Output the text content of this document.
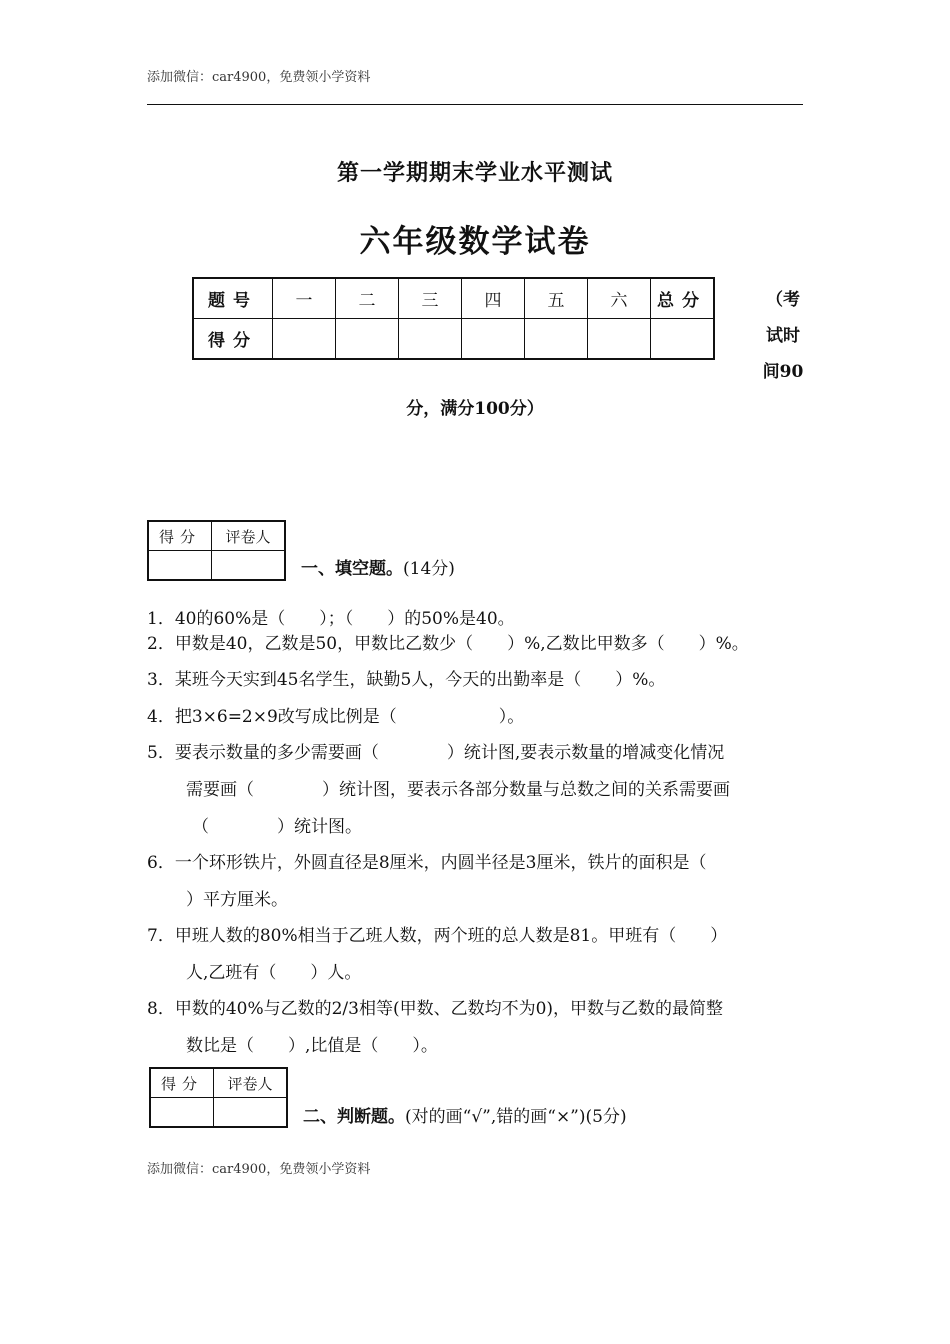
添加微信：car4900，免费领小学资料
第一学期期末学业水平测试
六年级数学试卷
题号	一	二	三	四	五	六	总分
得分							
（考试时间90
分，满分100分）
得分	评卷人

一、填空题。(14分)
1．40的60%是（　　）；（　　）的50%是40。
2．甲数是40，乙数是50，甲数比乙数少（　　）%,乙数比甲数多（　　）%。
3．某班今天实到45名学生，缺勤5人，今天的出勤率是（　　）%。
4．把3×6=2×9改写成比例是（　　　　　　）。
5．要表示数量的多少需要画（　　　　）统计图,要表示数量的增减变化情况
需要画（　　　　）统计图，要表示各部分数量与总数之间的关系需要画
（　　　　）统计图。
6．一个环形铁片，外圆直径是8厘米，内圆半径是3厘米，铁片的面积是（
）平方厘米。
7．甲班人数的80%相当于乙班人数，两个班的总人数是81。甲班有（　　）
人,乙班有（　　）人。
8．甲数的40%与乙数的2/3相等(甲数、乙数均不为0)，甲数与乙数的最简整
数比是（　　）,比值是（　　）。
得分	评卷人

二、判断题。(对的画“√”,错的画“×”)(5分)
添加微信：car4900，免费领小学资料
